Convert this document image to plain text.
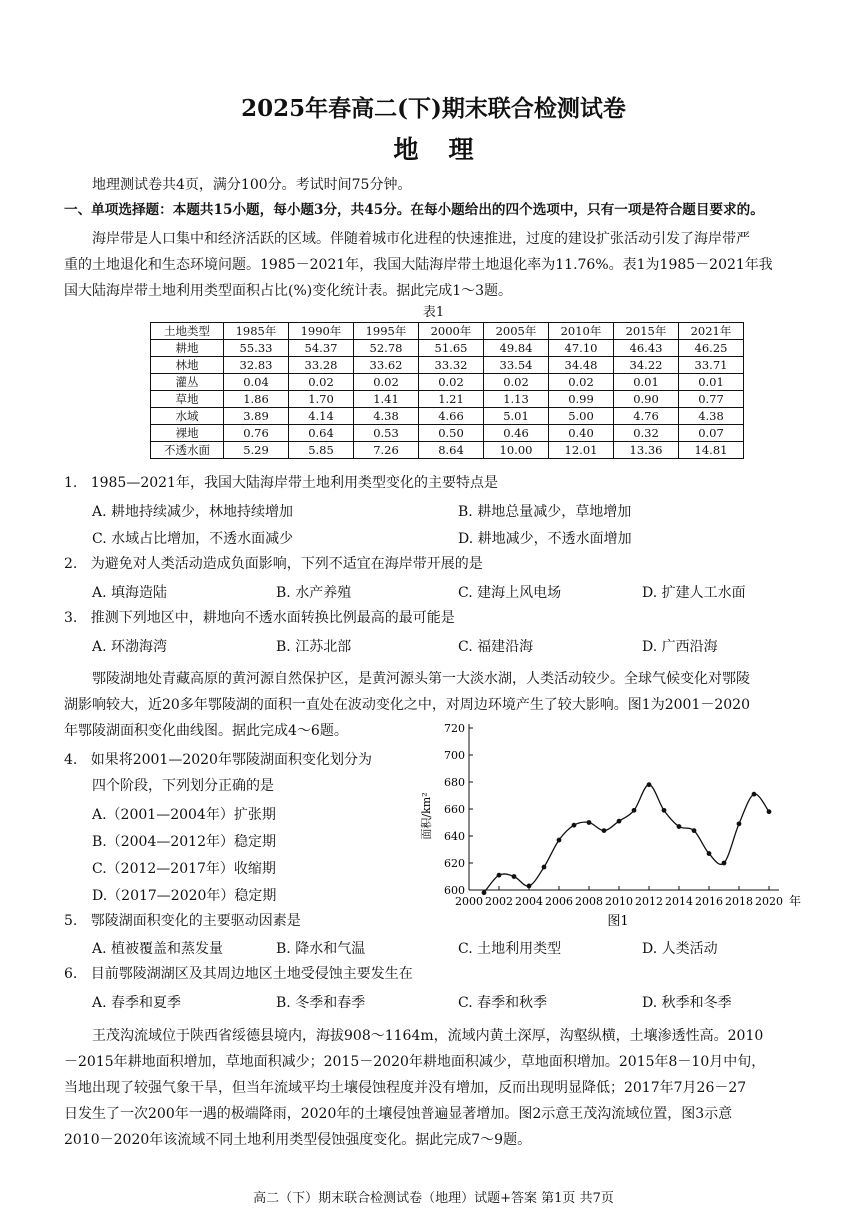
2025年春高二(下)期末联合检测试卷
地理
地理测试卷共4页，满分100分。考试时间75分钟。
一、单项选择题：本题共15小题，每小题3分，共45分。在每小题给出的四个选项中，只有一项是符合题目要求的。
海岸带是人口集中和经济活跃的区域。伴随着城市化进程的快速推进，过度的建设扩张活动引发了海岸带严
重的土地退化和生态环境问题。1985－2021年，我国大陆海岸带土地退化率为11.76%。表1为1985－2021年我
国大陆海岸带土地利用类型面积占比(%)变化统计表。据此完成1～3题。
表1
土地类型	1985年	1990年	1995年	2000年	2005年	2010年	2015年	2021年
耕地	55.33	54.37	52.78	51.65	49.84	47.10	46.43	46.25
林地	32.83	33.28	33.62	33.32	33.54	34.48	34.22	33.71
灌丛	0.04	0.02	0.02	0.02	0.02	0.02	0.01	0.01
草地	1.86	1.70	1.41	1.21	1.13	0.99	0.90	0.77
水域	3.89	4.14	4.38	4.66	5.01	5.00	4.76	4.38
裸地	0.76	0.64	0.53	0.50	0.46	0.40	0.32	0.07
不透水面	5.29	5.85	7.26	8.64	10.00	12.01	13.36	14.81
1.   1985—2021年，我国大陆海岸带土地利用类型变化的主要特点是
A. 耕地持续减少，林地持续增加	B. 耕地总量减少，草地增加
C. 水域占比增加，不透水面减少	D. 耕地减少，不透水面增加
2.   为避免对人类活动造成负面影响，下列不适宜在海岸带开展的是
A. 填海造陆	B. 水产养殖	C. 建海上风电场	D. 扩建人工水面
3.   推测下列地区中，耕地向不透水面转换比例最高的最可能是
A. 环渤海湾	B. 江苏北部	C. 福建沿海	D. 广西沿海
鄂陵湖地处青藏高原的黄河源自然保护区，是黄河源头第一大淡水湖，人类活动较少。全球气候变化对鄂陵
湖影响较大，近20多年鄂陵湖的面积一直处在波动变化之中，对周边环境产生了较大影响。图1为2001－2020
年鄂陵湖面积变化曲线图。据此完成4～6题。
4.   如果将2001—2020年鄂陵湖面积变化划分为
四个阶段，下列划分正确的是
A.（2001—2004年）扩张期
B.（2004—2012年）稳定期
C.（2012—2017年）收缩期
D.（2017—2020年）稳定期
面积/km²
600
620
640
660
680
700
720
2000 2002 2004 2006 2008 2010 2012 2014 2016 2018 2020 年
图1
5.   鄂陵湖面积变化的主要驱动因素是
A. 植被覆盖和蒸发量	B. 降水和气温	C. 土地利用类型	D. 人类活动
6.   目前鄂陵湖湖区及其周边地区土地受侵蚀主要发生在
A. 春季和夏季	B. 冬季和春季	C. 春季和秋季	D. 秋季和冬季
王茂沟流域位于陕西省绥德县境内，海拔908～1164m，流域内黄土深厚，沟壑纵横，土壤渗透性高。2010
－2015年耕地面积增加，草地面积减少；2015－2020年耕地面积减少，草地面积增加。2015年8－10月中旬，
当地出现了较强气象干旱，但当年流域平均土壤侵蚀程度并没有增加，反而出现明显降低；2017年7月26－27
日发生了一次200年一遇的极端降雨，2020年的土壤侵蚀普遍显著增加。图2示意王茂沟流域位置，图3示意
2010－2020年该流域不同土地利用类型侵蚀强度变化。据此完成7～9题。
高二（下）期末联合检测试卷（地理）试题+答案 第1页 共7页
